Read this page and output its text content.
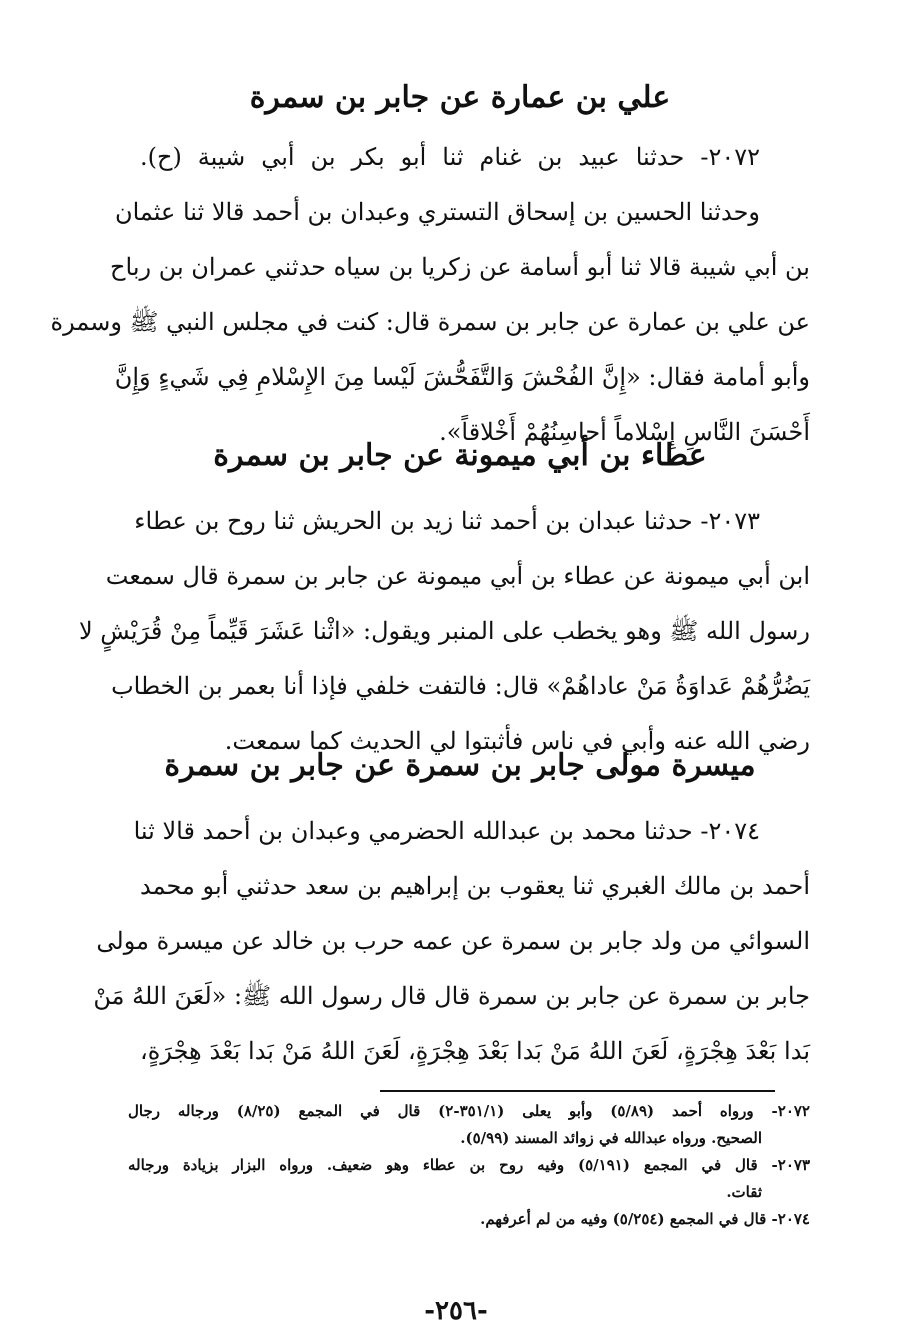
علي بن عمارة عن جابر بن سمرة
٢٠٧٢- حدثنا عبيد بن غنام ثنا أبو بكر بن أبي شيبة (ح).
وحدثنا الحسين بن إسحاق التستري وعبدان بن أحمد قالا ثنا عثمان
بن أبي شيبة قالا ثنا أبو أسامة عن زكريا بن سياه حدثني عمران بن رباح
عن علي بن عمارة عن جابر بن سمرة قال: كنت في مجلس النبي ﷺ وسمرة
وأبو أمامة فقال: «إِنَّ الفُحْشَ وَالتَّفَحُّشَ لَيْسا مِنَ الإِسْلامِ فِي شَيءٍ وَإِنَّ
أَحْسَنَ النَّاسِ إِسْلاماً أحاسِنُهُمْ أَخْلاقاً».
عطاء بن أبي ميمونة عن جابر بن سمرة
٢٠٧٣- حدثنا عبدان بن أحمد ثنا زيد بن الحريش ثنا روح بن عطاء
ابن أبي ميمونة عن عطاء بن أبي ميمونة عن جابر بن سمرة قال سمعت
رسول الله ﷺ وهو يخطب على المنبر ويقول: «اثْنا عَشَرَ قَيِّماً مِنْ قُرَيْشٍ لا
يَضُرُّهُمْ عَداوَةُ مَنْ عاداهُمْ» قال: فالتفت خلفي فإذا أنا بعمر بن الخطاب
رضي الله عنه وأبي في ناس فأثبتوا لي الحديث كما سمعت.
ميسرة مولى جابر بن سمرة عن جابر بن سمرة
٢٠٧٤- حدثنا محمد بن عبدالله الحضرمي وعبدان بن أحمد قالا ثنا
أحمد بن مالك الغبري ثنا يعقوب بن إبراهيم بن سعد حدثني أبو محمد
السوائي من ولد جابر بن سمرة عن عمه حرب بن خالد عن ميسرة مولى
جابر بن سمرة عن جابر بن سمرة قال قال رسول الله ﷺ: «لَعَنَ اللهُ مَنْ
بَدا بَعْدَ هِجْرَةٍ، لَعَنَ اللهُ مَنْ بَدا بَعْدَ هِجْرَةٍ، لَعَنَ اللهُ مَنْ بَدا بَعْدَ هِجْرَةٍ،
٢٠٧٢- ورواه أحمد (٥/٨٩) وأبو يعلى (٣٥١/١-٢) قال في المجمع (٨/٢٥) ورجاله رجال
الصحيح. ورواه عبدالله في زوائد المسند (٥/٩٩).
٢٠٧٣- قال في المجمع (٥/١٩١) وفيه روح بن عطاء وهو ضعيف. ورواه البزار بزيادة ورجاله
ثقات.
٢٠٧٤- قال في المجمع (٥/٢٥٤) وفيه من لم أعرفهم.
-٢٥٦-
